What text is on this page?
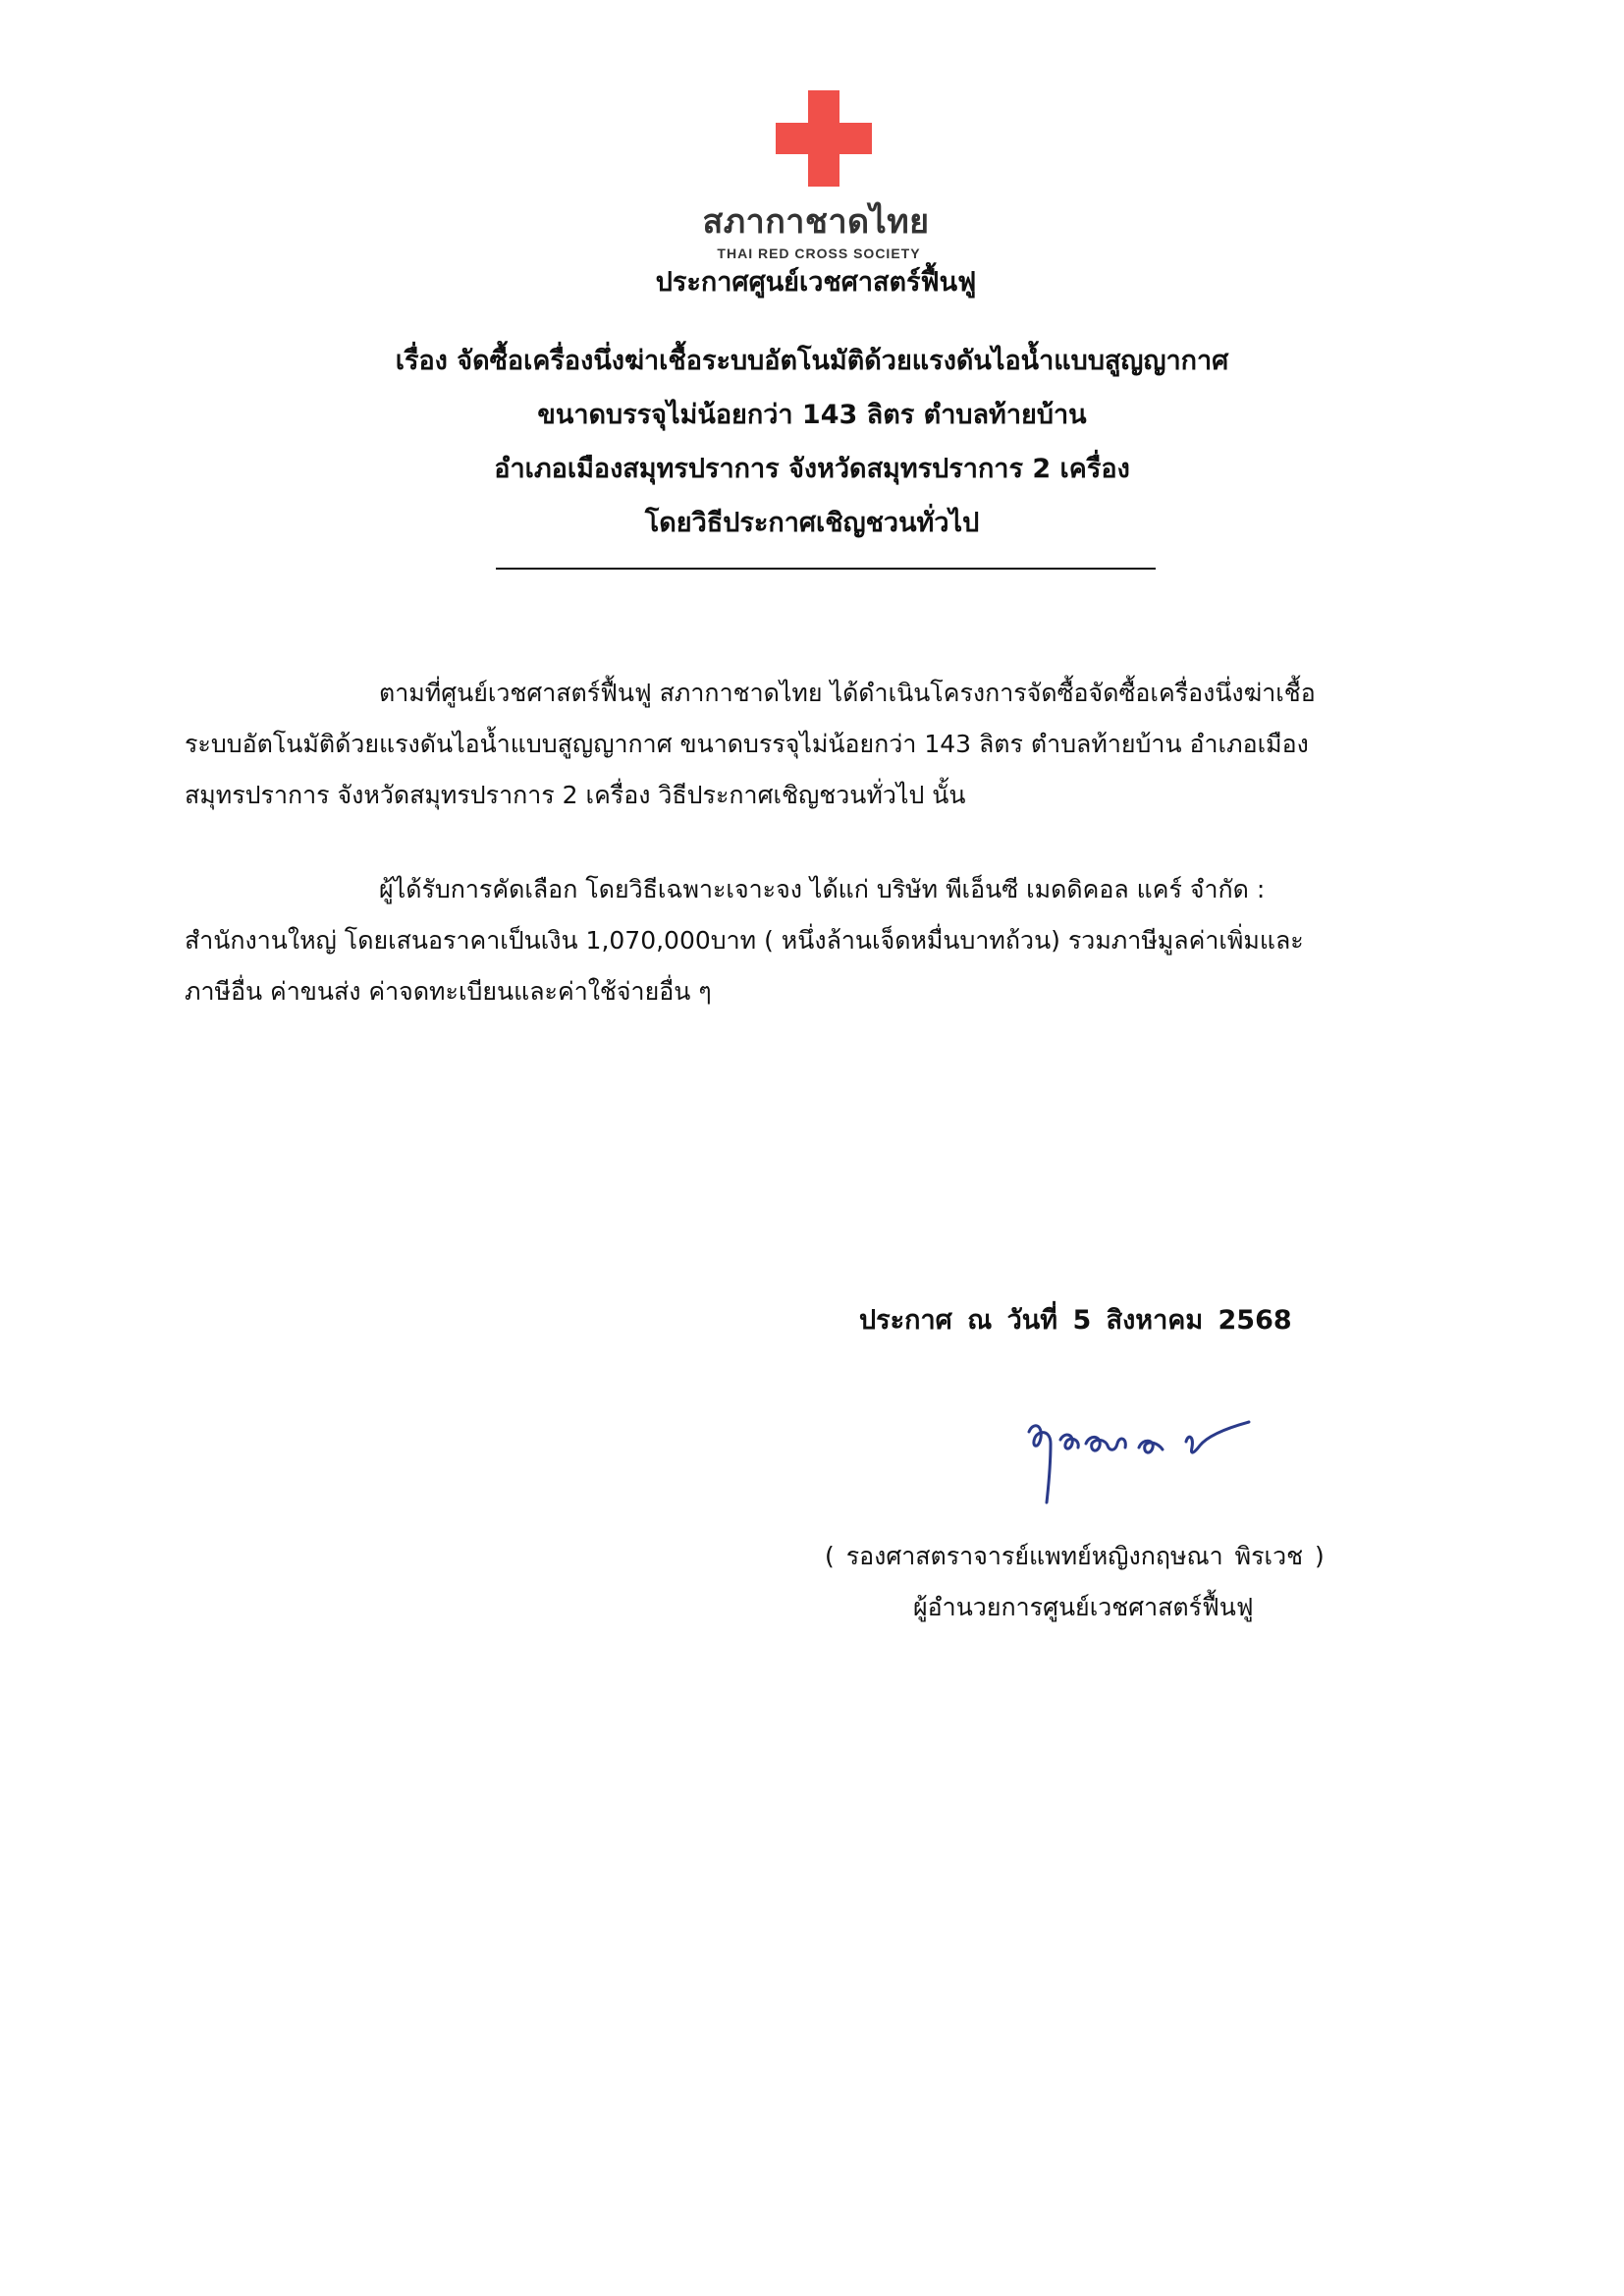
สภากาชาดไทย
THAI RED CROSS SOCIETY
ประกาศศูนย์เวชศาสตร์ฟื้นฟู
เรื่อง จัดซื้อเครื่องนึ่งฆ่าเชื้อระบบอัตโนมัติด้วยแรงดันไอน้ำแบบสูญญากาศ
ขนาดบรรจุไม่น้อยกว่า 143 ลิตร ตำบลท้ายบ้าน
อำเภอเมืองสมุทรปราการ จังหวัดสมุทรปราการ 2 เครื่อง
โดยวิธีประกาศเชิญชวนทั่วไป
ตามที่ศูนย์เวชศาสตร์ฟื้นฟู สภากาชาดไทย ได้ดำเนินโครงการจัดซื้อจัดซื้อเครื่องนึ่งฆ่าเชื้อ
ระบบอัตโนมัติด้วยแรงดันไอน้ำแบบสูญญากาศ ขนาดบรรจุไม่น้อยกว่า 143 ลิตร ตำบลท้ายบ้าน อำเภอเมือง
สมุทรปราการ จังหวัดสมุทรปราการ 2 เครื่อง วิธีประกาศเชิญชวนทั่วไป นั้น
ผู้ได้รับการคัดเลือก โดยวิธีเฉพาะเจาะจง ได้แก่ บริษัท พีเอ็นซี เมดดิคอล แคร์ จำกัด :
สำนักงานใหญ่ โดยเสนอราคาเป็นเงิน 1,070,000บาท ( หนึ่งล้านเจ็ดหมื่นบาทถ้วน) รวมภาษีมูลค่าเพิ่มและ
ภาษีอื่น ค่าขนส่ง ค่าจดทะเบียนและค่าใช้จ่ายอื่น ๆ
ประกาศ ณ วันที่ 5 สิงหาคม 2568
( รองศาสตราจารย์แพทย์หญิงกฤษณา พิรเวช )
ผู้อำนวยการศูนย์เวชศาสตร์ฟื้นฟู
